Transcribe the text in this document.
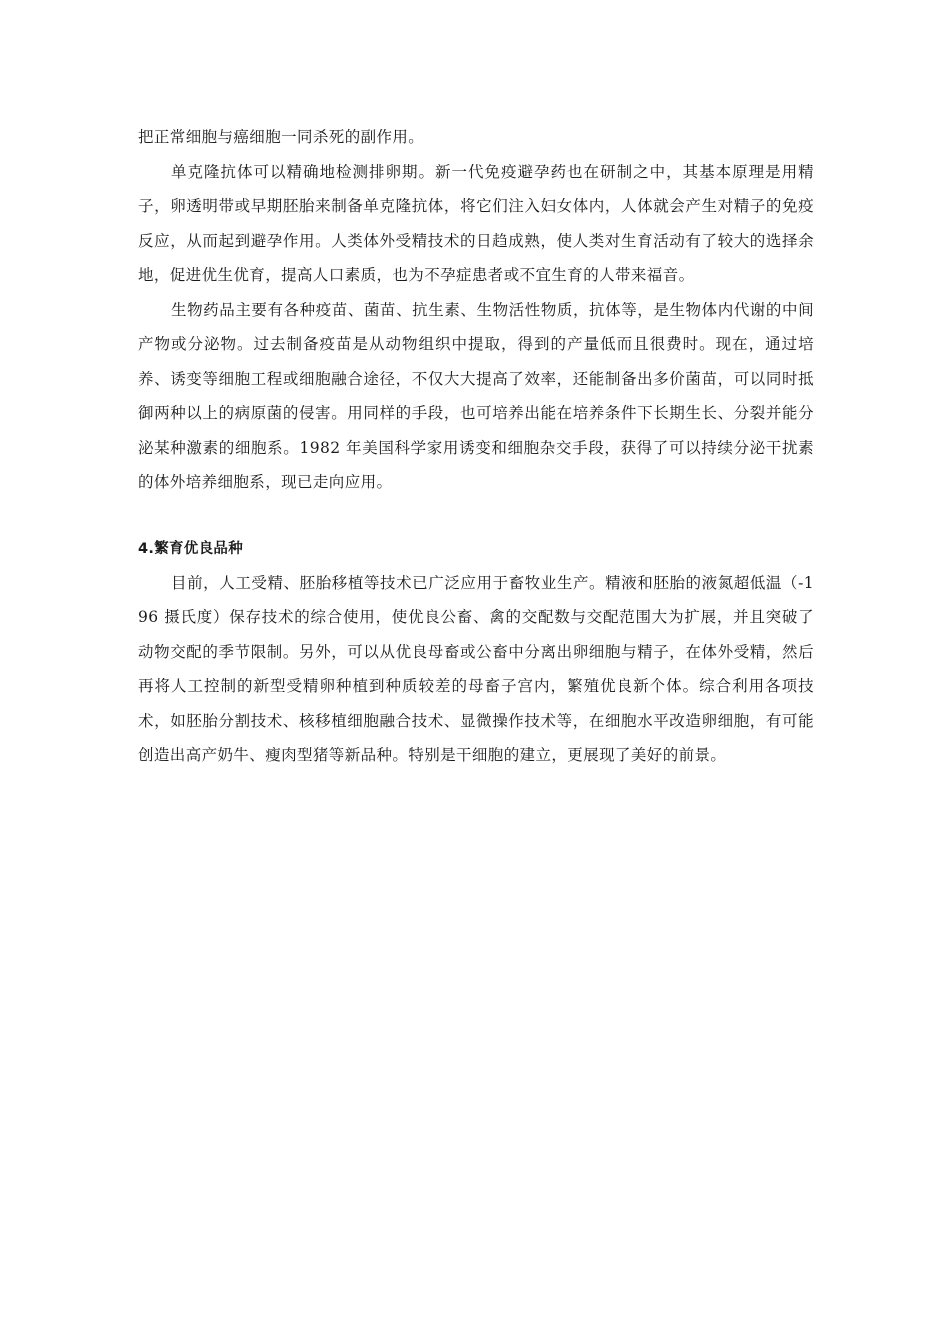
把正常细胞与癌细胞一同杀死的副作用。

单克隆抗体可以精确地检测排卵期。新一代免疫避孕药也在研制之中，其基本原理是用精子，卵透明带或早期胚胎来制备单克隆抗体，将它们注入妇女体内，人体就会产生对精子的免疫反应，从而起到避孕作用。人类体外受精技术的日趋成熟，使人类对生育活动有了较大的选择余地，促进优生优育，提高人口素质，也为不孕症患者或不宜生育的人带来福音。

生物药品主要有各种疫苗、菌苗、抗生素、生物活性物质，抗体等，是生物体内代谢的中间产物或分泌物。过去制备疫苗是从动物组织中提取，得到的产量低而且很费时。现在，通过培养、诱变等细胞工程或细胞融合途径，不仅大大提高了效率，还能制备出多价菌苗，可以同时抵御两种以上的病原菌的侵害。用同样的手段，也可培养出能在培养条件下长期生长、分裂并能分泌某种激素的细胞系。1982 年美国科学家用诱变和细胞杂交手段，获得了可以持续分泌干扰素的体外培养细胞系，现已走向应用。

4.繁育优良品种

目前，人工受精、胚胎移植等技术已广泛应用于畜牧业生产。精液和胚胎的液氮超低温（-196 摄氏度）保存技术的综合使用，使优良公畜、禽的交配数与交配范围大为扩展，并且突破了动物交配的季节限制。另外，可以从优良母畜或公畜中分离出卵细胞与精子，在体外受精，然后再将人工控制的新型受精卵种植到种质较差的母畜子宫内，繁殖优良新个体。综合利用各项技术，如胚胎分割技术、核移植细胞融合技术、显微操作技术等，在细胞水平改造卵细胞，有可能创造出高产奶牛、瘦肉型猪等新品种。特别是干细胞的建立，更展现了美好的前景。
